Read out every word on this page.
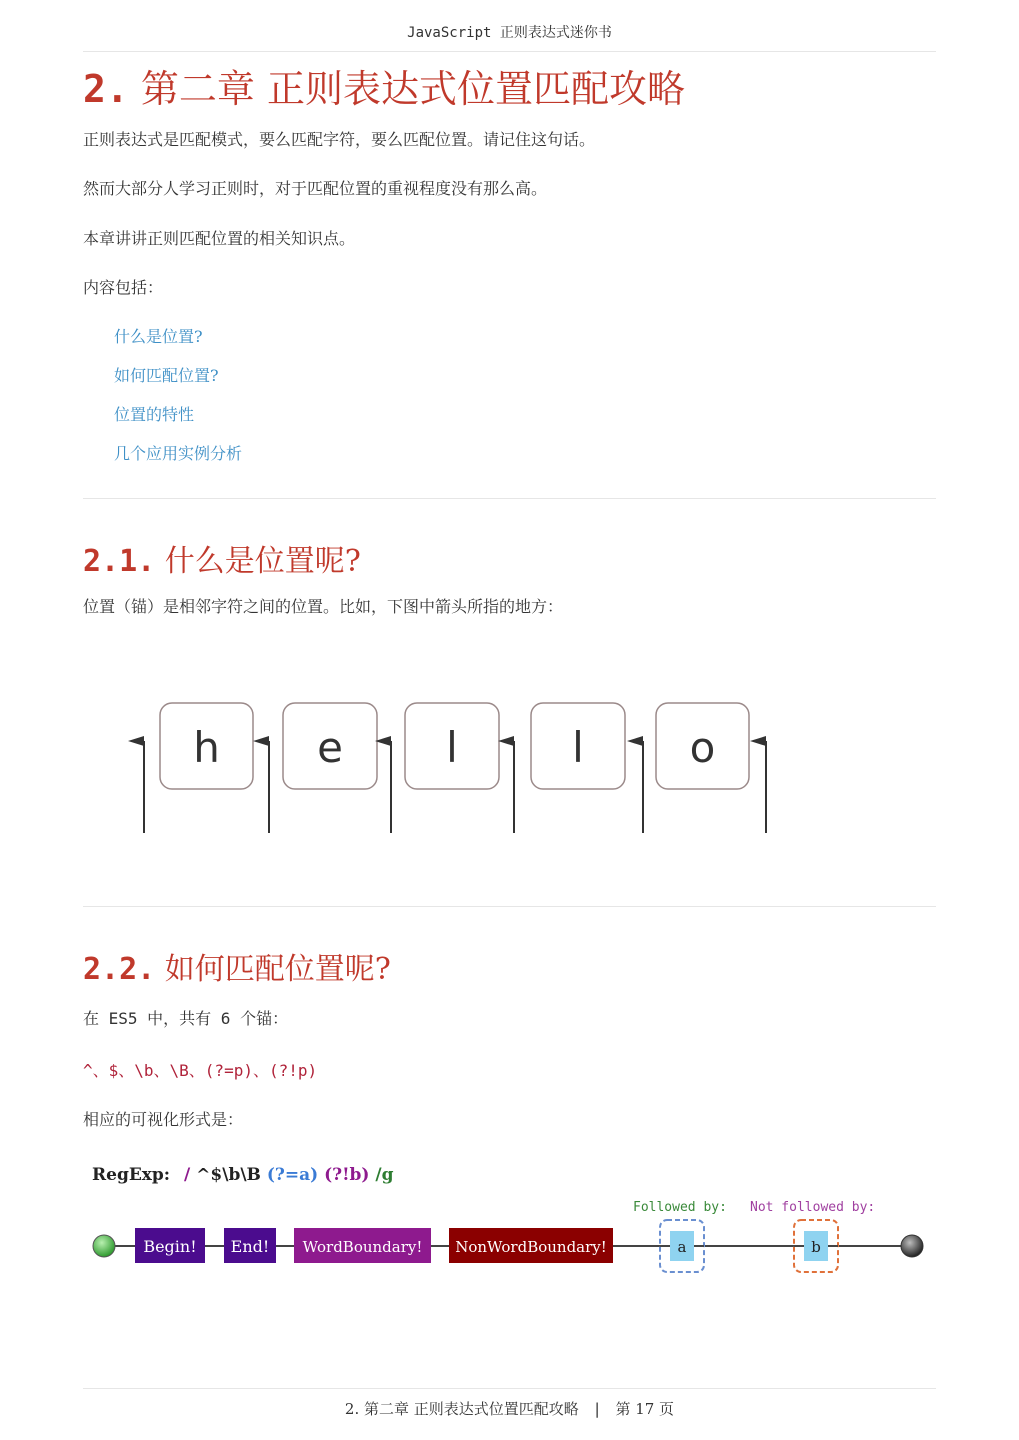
JavaScript 正则表达式迷你书
2. 第二章 正则表达式位置匹配攻略
正则表达式是匹配模式，要么匹配字符，要么匹配位置。请记住这句话。
然而大部分人学习正则时，对于匹配位置的重视程度没有那么高。
本章讲讲正则匹配位置的相关知识点。
内容包括：
什么是位置?
如何匹配位置?
位置的特性
几个应用实例分析
2.1. 什么是位置呢?
位置（锚）是相邻字符之间的位置。比如，下图中箭头所指的地方：
h e l	l	o
2.2. 如何匹配位置呢?
在 ES5 中，共有 6 个锚：
^、$、\b、\B、(?=p)、(?!p)
相应的可视化形式是：
RegExp: / ^$\b\B (?=a) (?!b) /g
Begin! End! WordBoundary! NonWordBoundary!
Followed by:
a
Not followed by:
b
2. 第二章 正则表达式位置匹配攻略  |  第 17 页
